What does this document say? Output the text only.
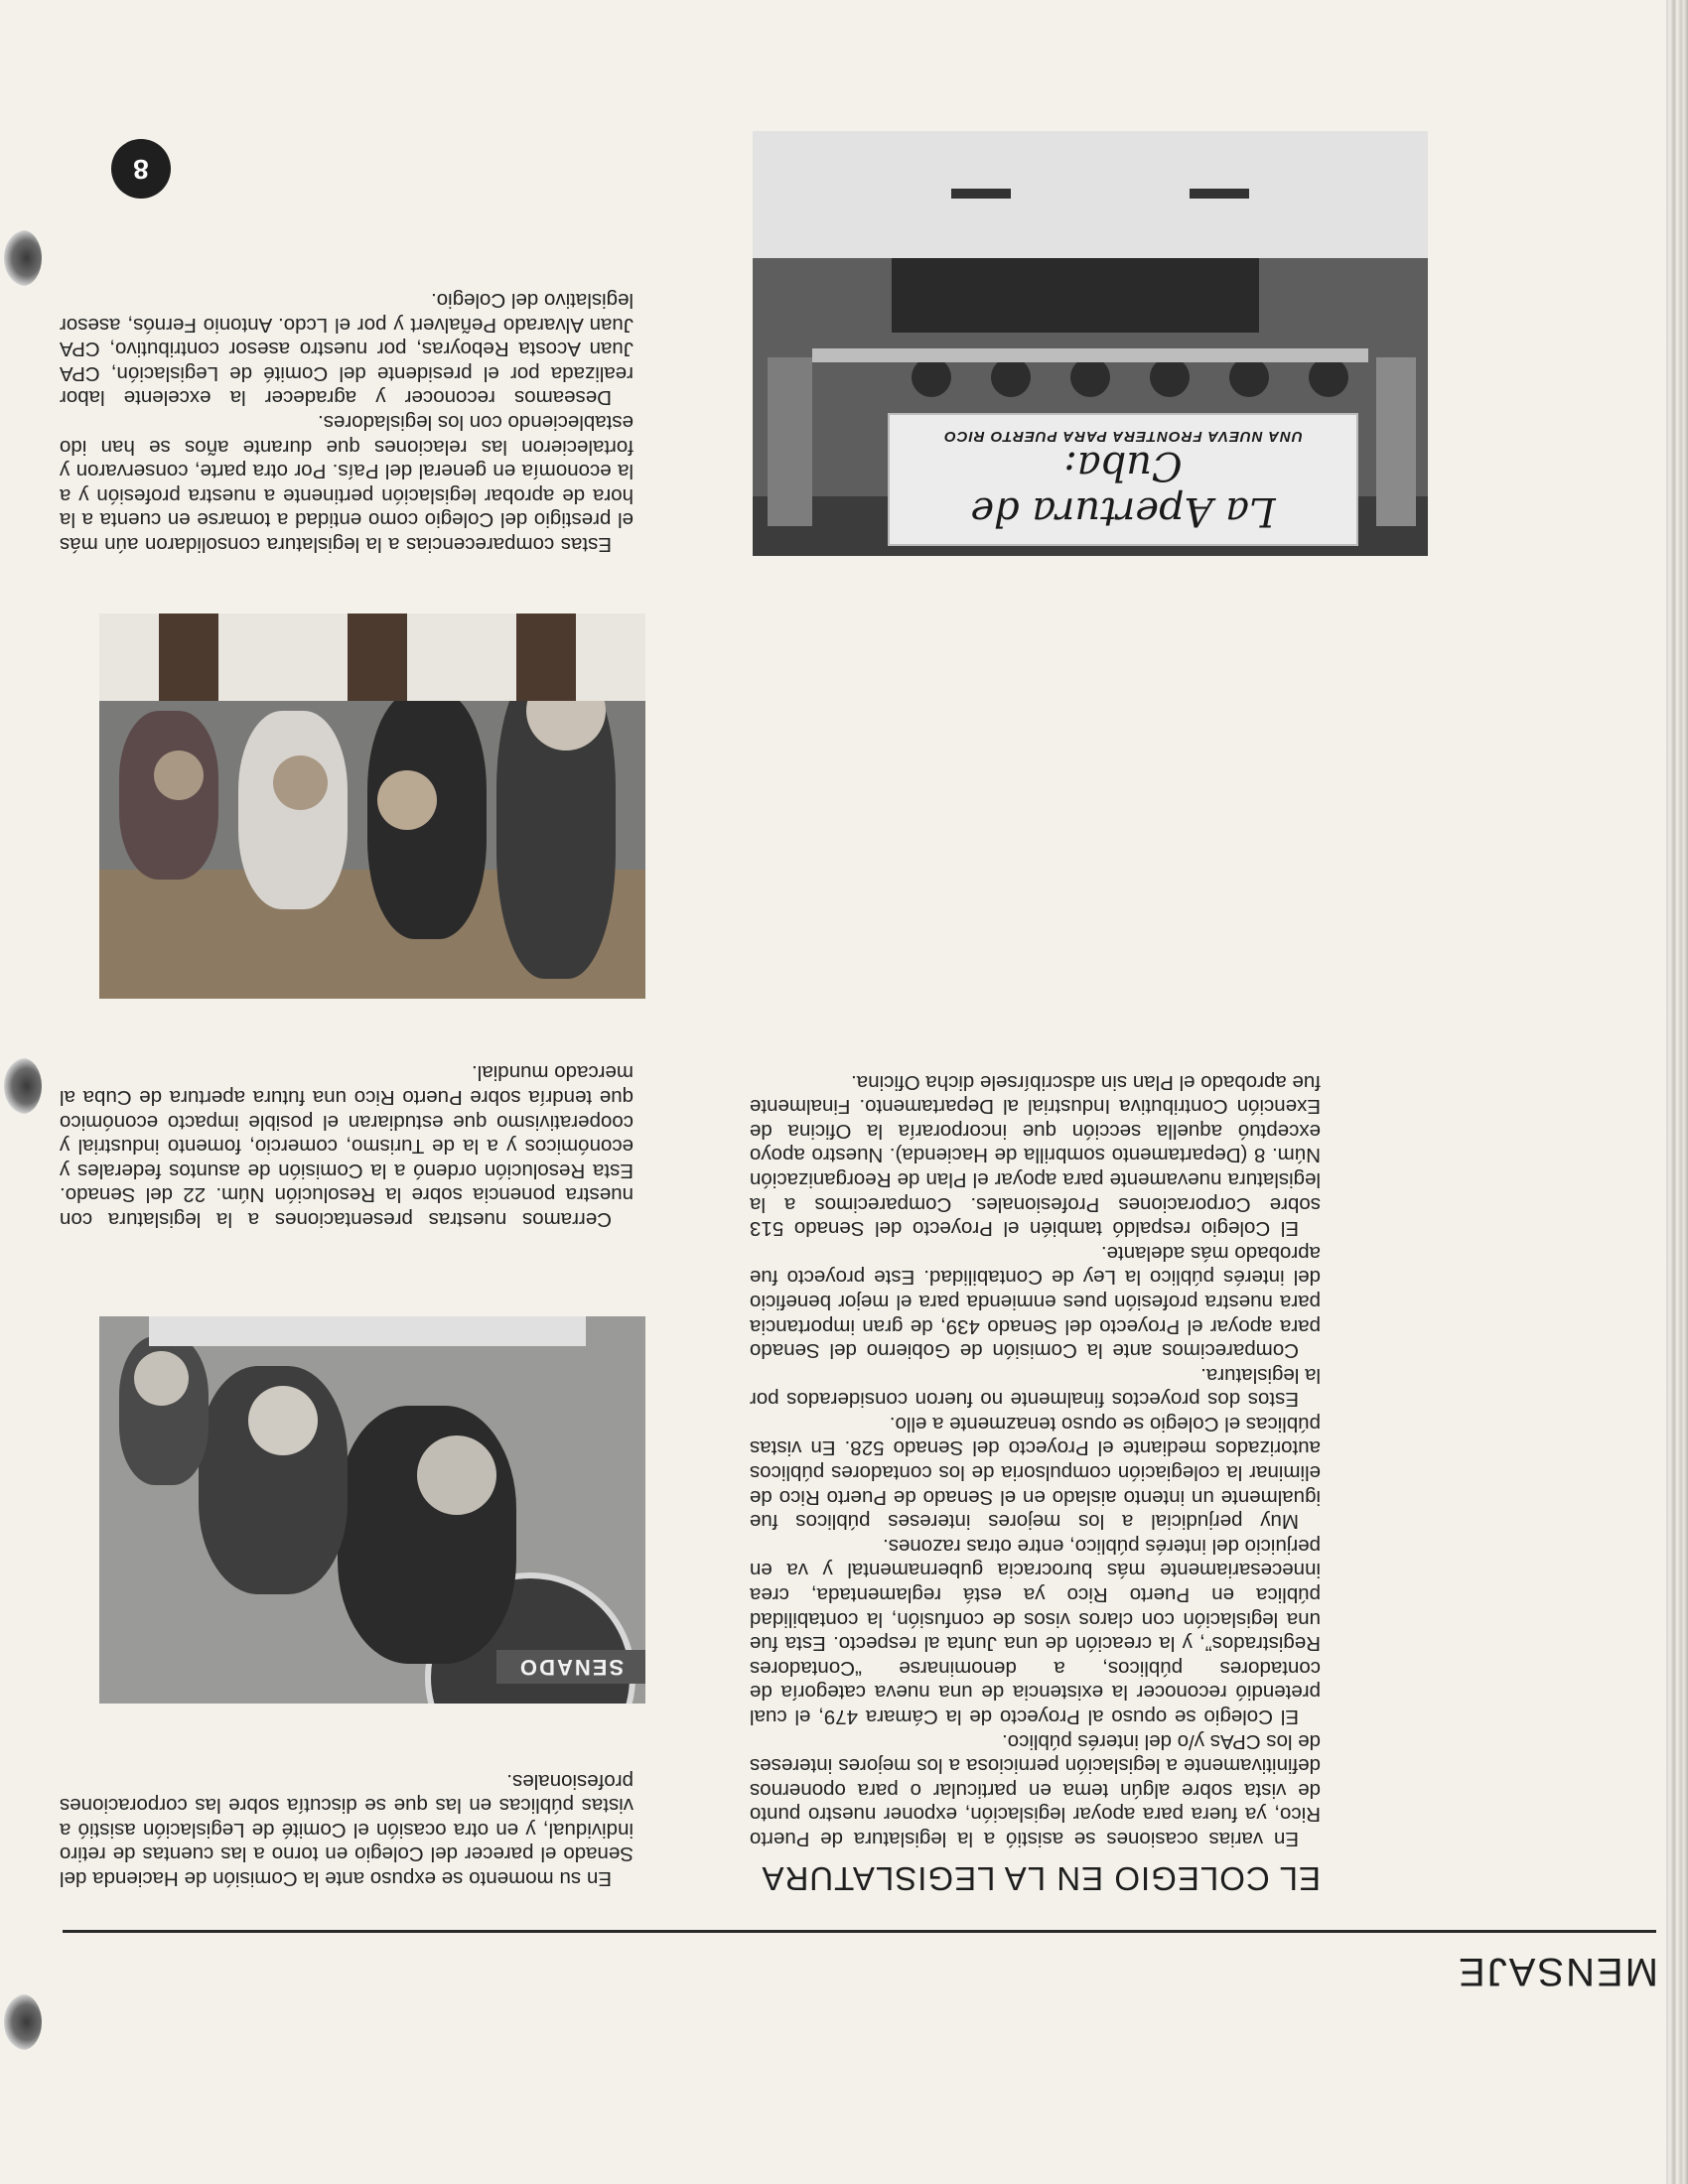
MENSAJE
8
EL COLEGIO EN LA LEGISLATURA

En varias ocasiones se asistió a la legislatura de Puerto Rico, ya fuera para apoyar legislación, exponer nuestro punto de vista sobre algún tema en particular o para oponernos definitivamente a legislación perniciosa a los mejores intereses de los CPAs y/o del interés público.

El Colegio se opuso al Proyecto de la Cámara 479, el cual pretendió reconocer la existencia de una nueva categoría de contadores públicos, a denominarse “Contadores Registrados”, y la creación de una Junta al respecto. Esta fue una legislación con claros visos de confusión, la contabilidad pública en Puerto Rico ya está reglamentada, crea innecesariamente más burocracia gubernamental y va en perjuicio del interés público, entre otras razones.

Muy perjudicial a los mejores intereses públicos fue igualmente un intento aislado en el Senado de Puerto Rico de eliminar la colegiación compulsoria de los contadores públicos autorizados mediante el Proyecto del Senado 528. En vistas públicas el Colegio se opuso tenazmente a ello.

Estos dos proyectos finalmente no fueron considerados por la legislatura.

Comparecimos ante la Comisión de Gobierno del Senado para apoyar el Proyecto del Senado 439, de gran importancia para nuestra profesión pues enmienda para el mejor beneficio del interés público la Ley de Contabilidad. Este proyecto fue aprobado más adelante.

El Colegio respaldó también el Proyecto del Senado 513 sobre Corporaciones Profesionales. Comparecimos a la legislatura nuevamente para apoyar el Plan de Reorganización Núm. 8 (Departamento sombrilla de Hacienda). Nuestro apoyo exceptuó aquella sección que incorporaría la Oficina de Exención Contributiva Industrial al Departamento. Finalmente fue aprobado el Plan sin adscribírsele dicha Oficina.

En su momento se expuso ante la Comisión de Hacienda del Senado el parecer del Colegio en torno a las cuentas de retiro individual, y en otra ocasión el Comité de Legislación asistió a vistas públicas en las que se discutía sobre las corporaciones profesionales.

Cerramos nuestras presentaciones a la legislatura con nuestra ponencia sobre la Resolución Núm. 22 del Senado. Esta Resolución ordenó a la Comisión de asuntos federales y económicos y a la de Turismo, comercio, fomento industrial y cooperativismo que estudiaran el posible impacto económico que tendría sobre Puerto Rico una futura apertura de Cuba al mercado mundial.

Estas comparecencias a la legislatura consolidaron aún más el prestigio del Colegio como entidad a tomarse en cuenta a la hora de aprobar legislación pertinente a nuestra profesión y a la economía en general del País. Por otra parte, conservaron y fortalecieron las relaciones que durante años se han ido estableciendo con los legisladores.

Deseamos reconocer y agradecer la excelente labor realizada por el presidente del Comité de Legislación, CPA Juan Acosta Reboyras, por nuestro asesor contributivo, CPA Juan Alvarado Peñalvert y por el Lcdo. Antonio Fernós, asesor legislativo del Colegio.

La Apertura de Cuba:
UNA NUEVA FRONTERA PARA PUERTO RICO
SENADO
